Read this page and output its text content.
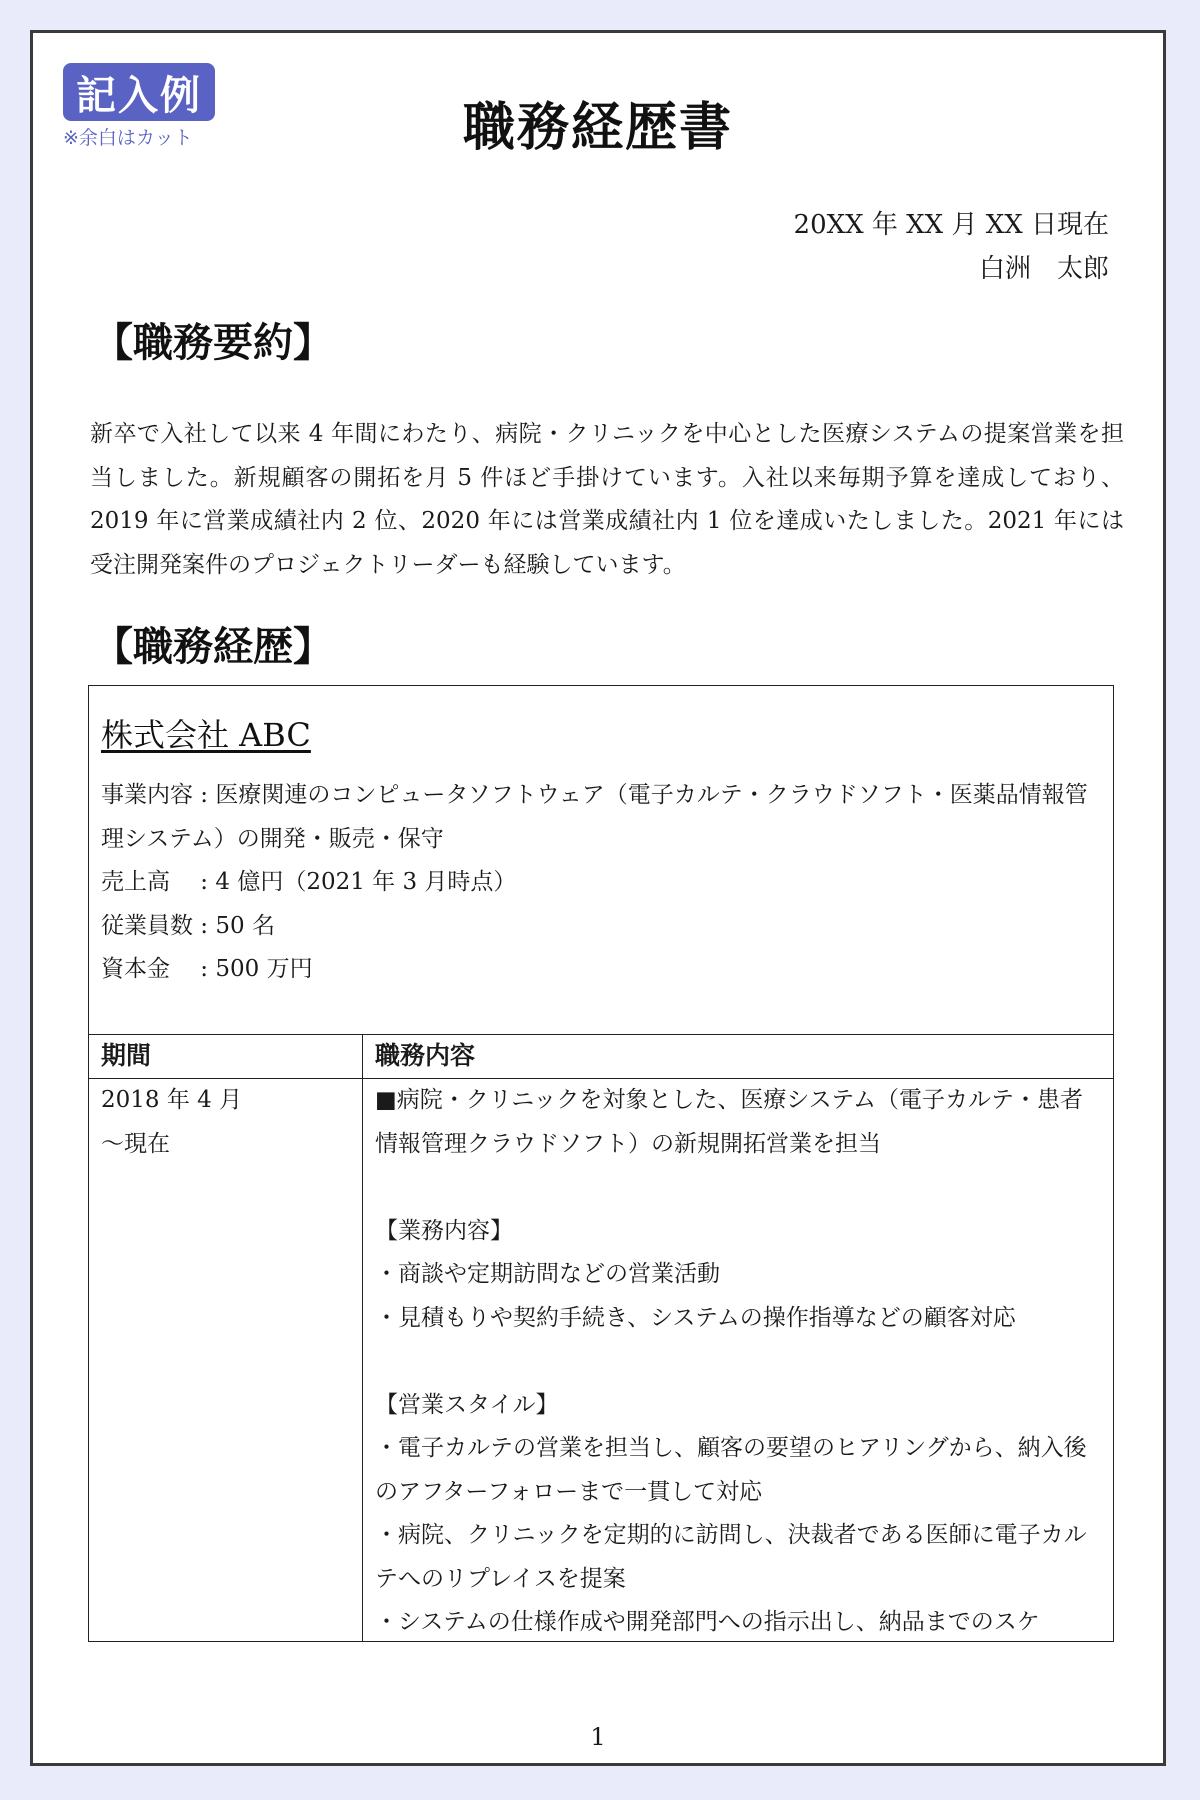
記入例
※余白はカット	職務経歴書
20XX 年 XX 月 XX 日現在
白洲　太郎
【職務要約】

新卒で入社して以来 4 年間にわたり、病院・クリニックを中心とした医療システムの提案営業を担当しました。新規顧客の開拓を月 5 件ほど手掛けています。入社以来毎期予算を達成しており、2019 年に営業成績社内 2 位、2020 年には営業成績社内 1 位を達成いたしました。2021 年には受注開発案件のプロジェクトリーダーも経験しています。

【職務経歴】

株式会社 ABC

事業内容 : 医療関連のコンピュータソフトウェア（電子カルテ・クラウドソフト・医薬品情報管理システム）の開発・販売・保守

売上高　 : 4 億円（2021 年 3 月時点）

従業員数 : 50 名

資本金　 : 500 万円

期間	職務内容

2018 年 4 月

～現在

■病院・クリニックを対象とした、医療システム（電子カルテ・患者情報管理クラウドソフト）の新規開拓営業を担当

【業務内容】

・商談や定期訪問などの営業活動

・見積もりや契約手続き、システムの操作指導などの顧客対応

【営業スタイル】

・電子カルテの営業を担当し、顧客の要望のヒアリングから、納入後のアフターフォローまで一貫して対応

・病院、クリニックを定期的に訪問し、決裁者である医師に電子カルテへのリプレイスを提案

・システムの仕様作成や開発部門への指示出し、納品までのスケ

1
